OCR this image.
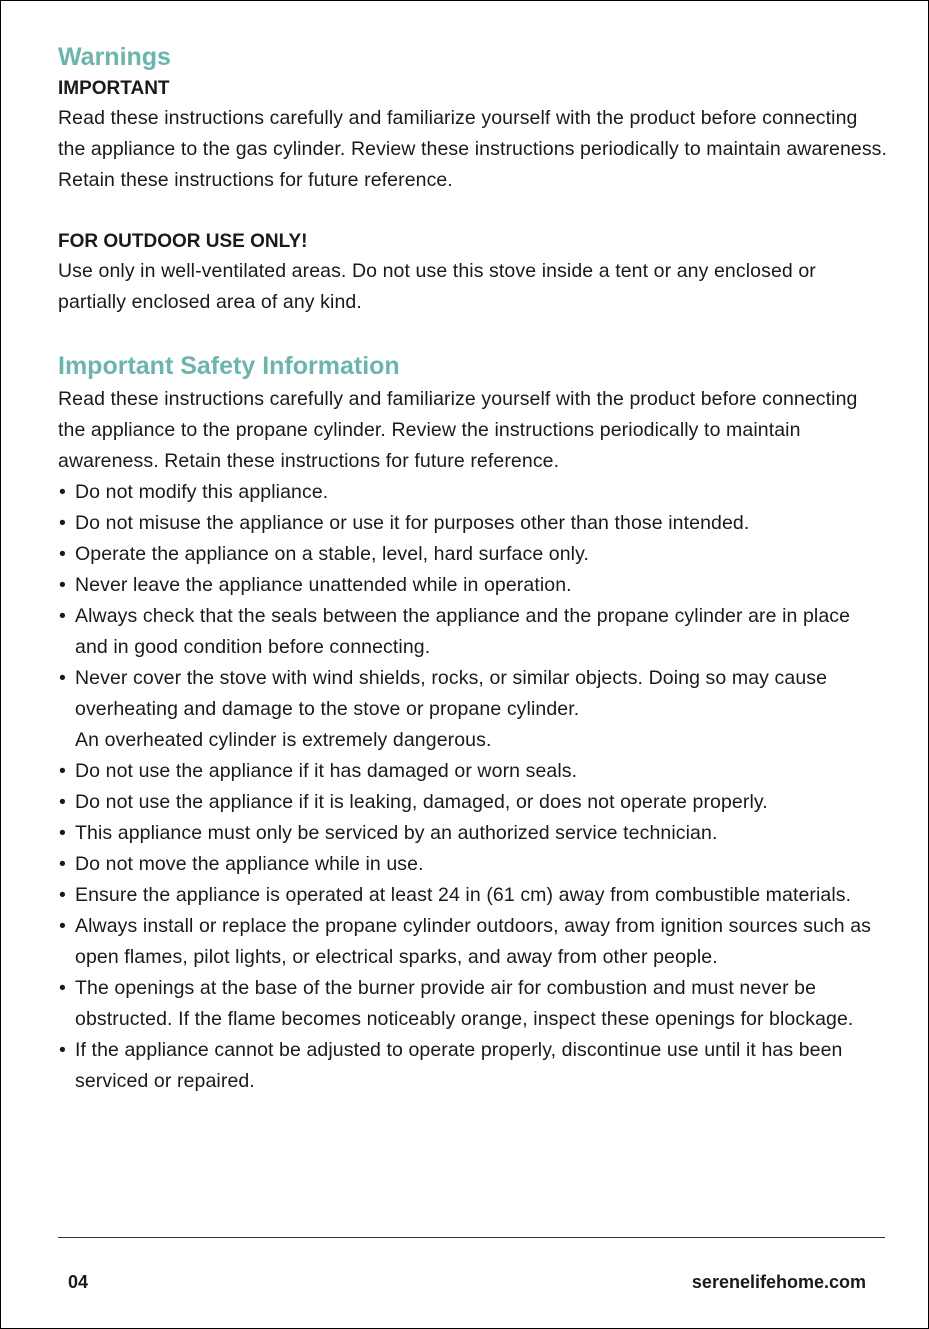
Warnings
IMPORTANT

Read these instructions carefully and familiarize yourself with the product before connecting the appliance to the gas cylinder. Review these instructions periodically to maintain awareness. Retain these instructions for future reference.

FOR OUTDOOR USE ONLY!

Use only in well-ventilated areas. Do not use this stove inside a tent or any enclosed or partially enclosed area of any kind.

Important Safety Information

Read these instructions carefully and familiarize yourself with the product before connecting the appliance to the propane cylinder. Review the instructions periodically to maintain awareness. Retain these instructions for future reference.

• Do not modify this appliance.
• Do not misuse the appliance or use it for purposes other than those intended.
• Operate the appliance on a stable, level, hard surface only.
• Never leave the appliance unattended while in operation.
• Always check that the seals between the appliance and the propane cylinder are in place and in good condition before connecting.
• Never cover the stove with wind shields, rocks, or similar objects. Doing so may cause overheating and damage to the stove or propane cylinder.
An overheated cylinder is extremely dangerous.
• Do not use the appliance if it has damaged or worn seals.
• Do not use the appliance if it is leaking, damaged, or does not operate properly.
• This appliance must only be serviced by an authorized service technician.
• Do not move the appliance while in use.
• Ensure the appliance is operated at least 24 in (61 cm) away from combustible materials.
• Always install or replace the propane cylinder outdoors, away from ignition sources such as open flames, pilot lights, or electrical sparks, and away from other people.
• The openings at the base of the burner provide air for combustion and must never be obstructed. If the flame becomes noticeably orange, inspect these openings for blockage.
• If the appliance cannot be adjusted to operate properly, discontinue use until it has been serviced or repaired.
04	serenelifehome.com
